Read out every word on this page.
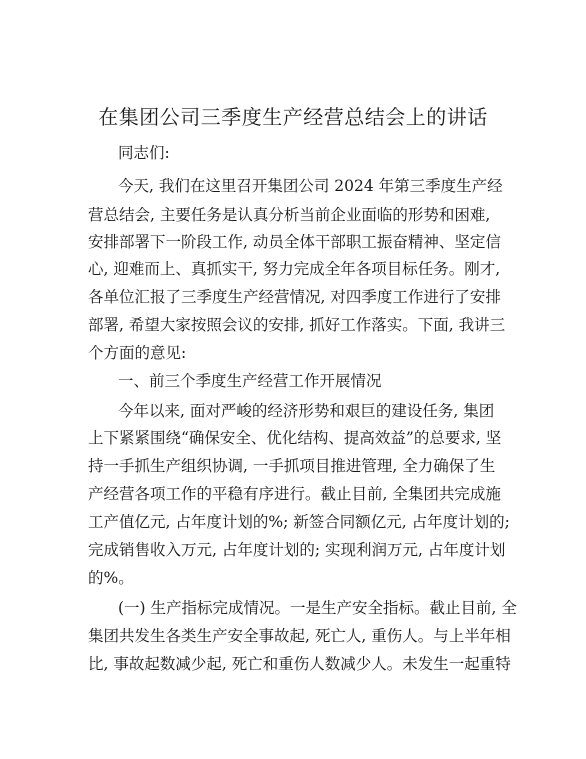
在集团公司三季度生产经营总结会上的讲话

同志们:

今天, 我们在这里召开集团公司 2024 年第三季度生产经

营总结会, 主要任务是认真分析当前企业面临的形势和困难,

安排部署下一阶段工作, 动员全体干部职工振奋精神、坚定信

心, 迎难而上、真抓实干, 努力完成全年各项目标任务。刚才,

各单位汇报了三季度生产经营情况, 对四季度工作进行了安排

部署, 希望大家按照会议的安排, 抓好工作落实。下面, 我讲三

个方面的意见:

一、前三个季度生产经营工作开展情况

今年以来, 面对严峻的经济形势和艰巨的建设任务, 集团

上下紧紧围绕“确保安全、优化结构、提高效益”的总要求, 坚

持一手抓生产组织协调, 一手抓项目推进管理, 全力确保了生

产经营各项工作的平稳有序进行。截止目前, 全集团共完成施

工产值亿元, 占年度计划的%; 新签合同额亿元, 占年度计划的;

完成销售收入万元, 占年度计划的; 实现利润万元, 占年度计划

的%。

(一) 生产指标完成情况。一是生产安全指标。截止目前, 全

集团共发生各类生产安全事故起, 死亡人, 重伤人。与上半年相

比, 事故起数减少起, 死亡和重伤人数减少人。未发生一起重特
